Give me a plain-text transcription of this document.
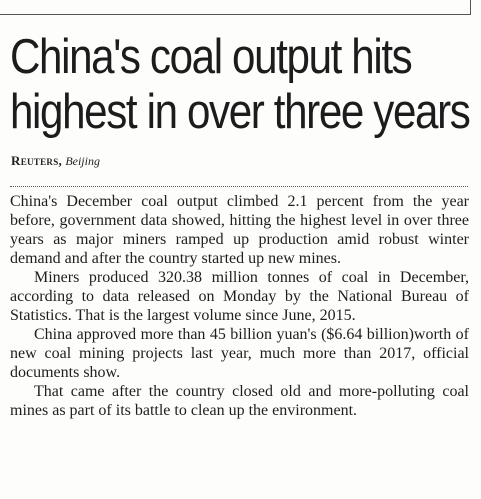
China's coal output hits
highest in over three years
Reuters, Beijing

China's December coal output climbed 2.1 percent from the year before, government data showed, hitting the highest level in over three years as major miners ramped up production amid robust winter demand and after the country started up new mines.

Miners produced 320.38 million tonnes of coal in December, according to data released on Monday by the National Bureau of Statistics. That is the largest volume since June, 2015.

China approved more than 45 billion yuan's ($6.64 billion)worth of new coal mining projects last year, much more than 2017, official documents show.

That came after the country closed old and more-polluting coal mines as part of its battle to clean up the environment.
